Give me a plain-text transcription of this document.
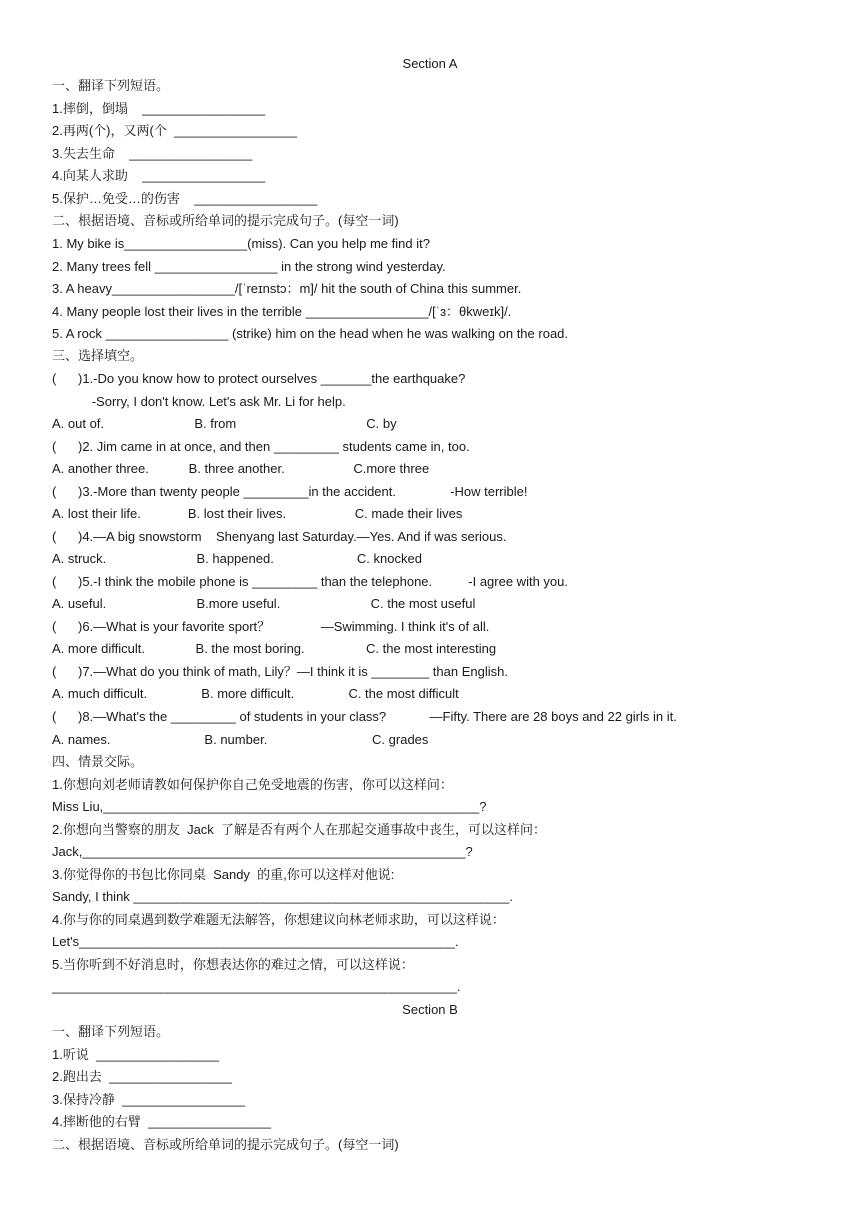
Section A
一、翻译下列短语。
1.摔倒，倒塌    _________________
2.再两(个)，又两(个  _________________
3.失去生命    _________________
4.向某人求助    _________________
5.保护…免受…的伤害    _________________
二、根据语境、音标或所给单词的提示完成句子。(每空一词)
1. My bike is_________________(miss). Can you help me find it?
2. Many trees fell _________________ in the strong wind yesterday.
3. A heavy_________________/[ˈreɪnstɔ：m]/ hit the south of China this summer.
4. Many people lost their lives in the terrible _________________/[ˈɜ：θkweɪk]/.
5. A rock _________________ (strike) him on the head when he was walking on the road.
三、选择填空。
(      )1.-Do you know how to protect ourselves _______the earthquake?
-Sorry, I don't know. Let's ask Mr. Li for help.
A. out of.                         B. from                                    C. by
(      )2. Jim came in at once, and then _________ students came in, too.
A. another three.           B. three another.                   C.more three
(      )3.-More than twenty people _________in the accident.               -How terrible!
A. lost their life.             B. lost their lives.                   C. made their lives
(      )4.—A big snowstorm    Shenyang last Saturday.—Yes. And if was serious.
A. struck.                         B. happened.                       C. knocked
(      )5.-I think the mobile phone is _________ than the telephone.          -I agree with you.
A. useful.                         B.more useful.                         C. the most useful
(      )6.—What is your favorite sport？              —Swimming. I think it's of all.
A. more difficult.              B. the most boring.                 C. the most interesting
(      )7.—What do you think of math, Lily？—I think it is ________ than English.
A. much difficult.               B. more difficult.               C. the most difficult
(      )8.—What's the _________ of students in your class?            —Fifty. There are 28 boys and 22 girls in it.
A. names.                          B. number.                             C. grades
四、情景交际。
1.你想向刘老师请教如何保护你自己免受地震的伤害，你可以这样问：
Miss Liu,____________________________________________________?
2.你想向当警察的朋友  Jack  了解是否有两个人在那起交通事故中丧生，可以这样问：
Jack,_____________________________________________________?
3.你觉得你的书包比你同桌  Sandy  的重,你可以这样对他说:
Sandy, I think ____________________________________________________.
4.你与你的同桌遇到数学难题无法解答，你想建议向林老师求助，可以这样说：
Let's____________________________________________________.
5.当你听到不好消息时，你想表达你的难过之情，可以这样说：
________________________________________________________.
Section B
一、翻译下列短语。
1.听说  _________________
2.跑出去  _________________
3.保持冷静  _________________
4.摔断他的右臂  _________________
二、根据语境、音标或所给单词的提示完成句子。(每空一词)
